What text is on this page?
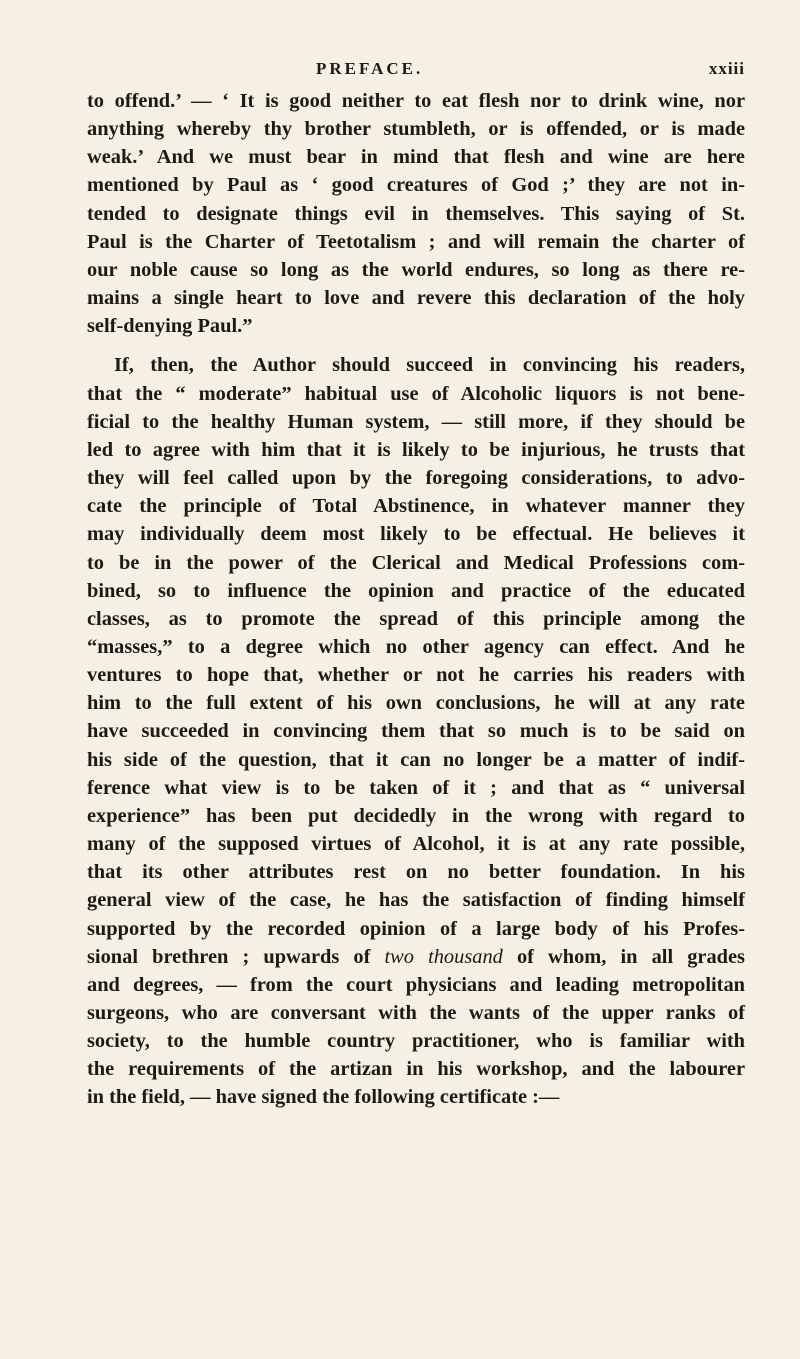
PREFACE.	xxiii
to offend.’ — ‘ It is good neither to eat flesh nor to drink wine, nor
anything whereby thy brother stumbleth, or is offended, or is made
weak.’ And we must bear in mind that flesh and wine are here
mentioned by Paul as ‘ good creatures of God ;’ they are not in-
tended to designate things evil in themselves. This saying of St.
Paul is the Charter of Teetotalism ; and will remain the charter of
our noble cause so long as the world endures, so long as there re-
mains a single heart to love and revere this declaration of the holy
self-denying Paul.”
If, then, the Author should succeed in convincing his readers,
that the “ moderate” habitual use of Alcoholic liquors is not bene-
ficial to the healthy Human system, — still more, if they should be
led to agree with him that it is likely to be injurious, he trusts that
they will feel called upon by the foregoing considerations, to advo-
cate the principle of Total Abstinence, in whatever manner they
may individually deem most likely to be effectual. He believes it
to be in the power of the Clerical and Medical Professions com-
bined, so to influence the opinion and practice of the educated
classes, as to promote the spread of this principle among the
“masses,” to a degree which no other agency can effect. And he
ventures to hope that, whether or not he carries his readers with
him to the full extent of his own conclusions, he will at any rate
have succeeded in convincing them that so much is to be said on
his side of the question, that it can no longer be a matter of indif-
ference what view is to be taken of it ; and that as “ universal
experience” has been put decidedly in the wrong with regard to
many of the supposed virtues of Alcohol, it is at any rate possible,
that its other attributes rest on no better foundation. In his
general view of the case, he has the satisfaction of finding himself
supported by the recorded opinion of a large body of his Profes-
sional brethren ; upwards of two thousand of whom, in all grades
and degrees, — from the court physicians and leading metropolitan
surgeons, who are conversant with the wants of the upper ranks of
society, to the humble country practitioner, who is familiar with
the requirements of the artizan in his workshop, and the labourer
in the field, — have signed the following certificate :—
